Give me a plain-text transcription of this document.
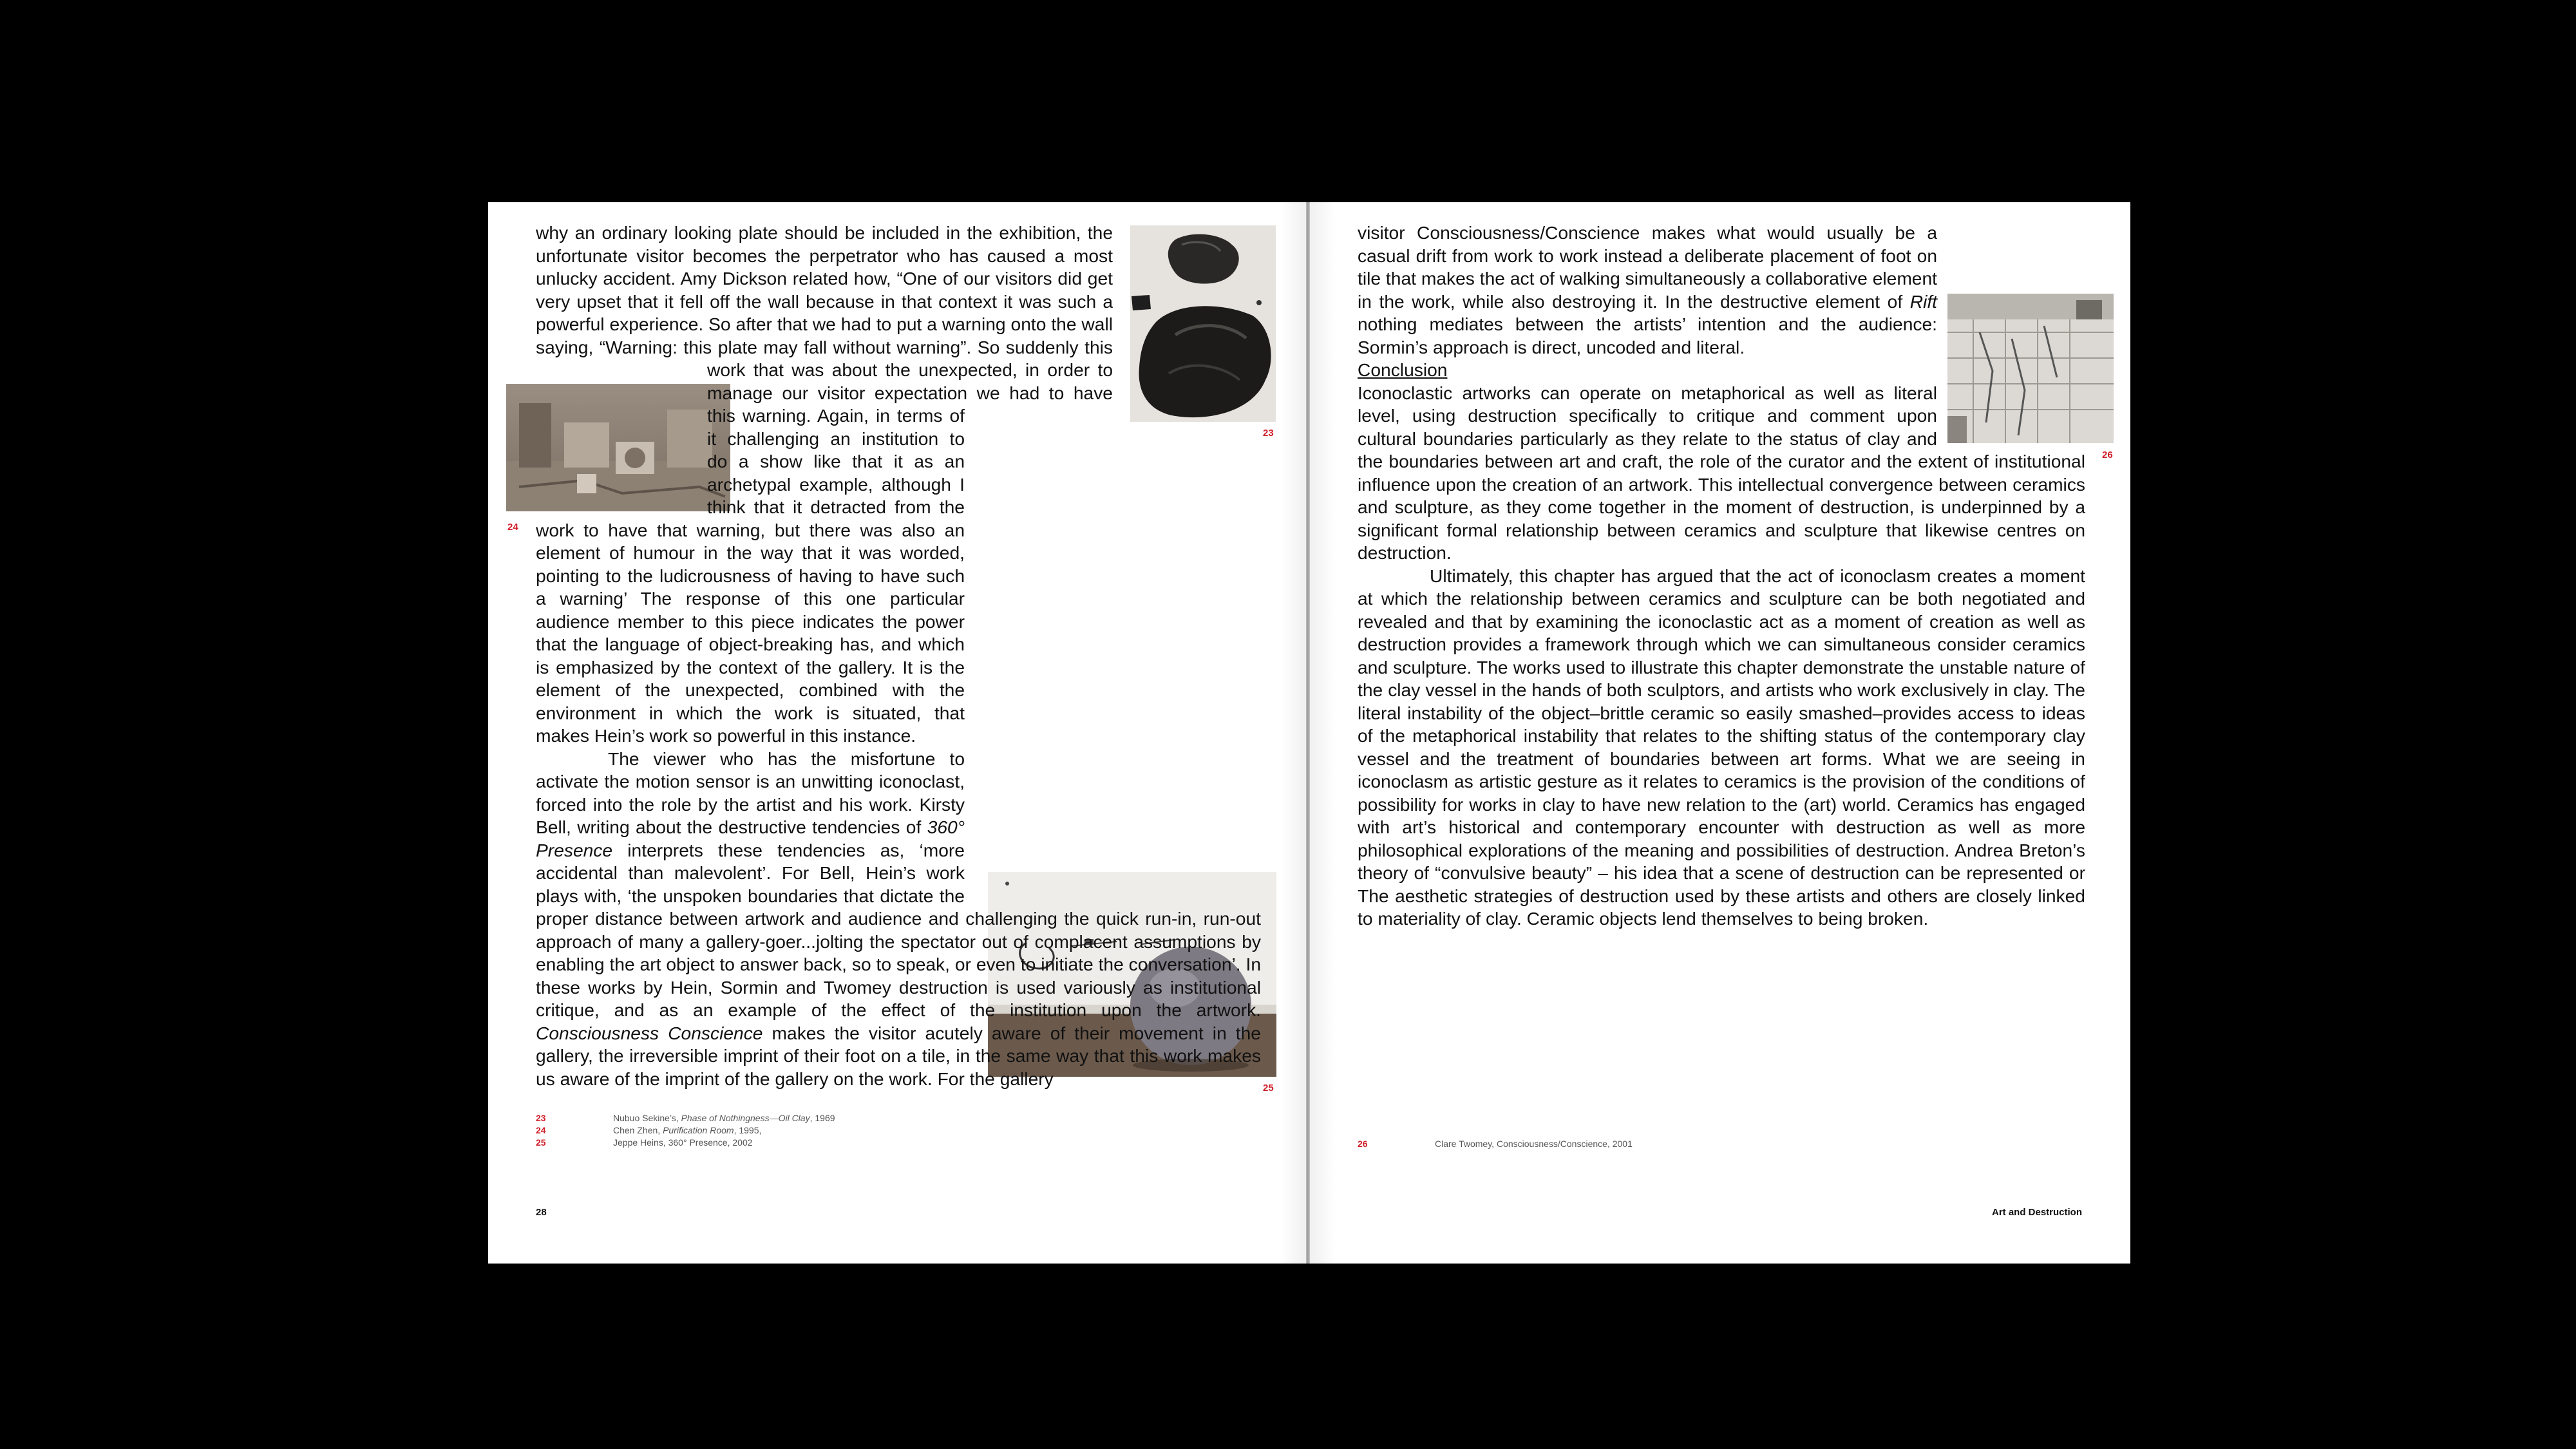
23
24
25

why an ordinary looking plate should be included in the exhibition, the unfortunate visitor becomes the perpetrator who has caused a most unlucky accident. Amy Dickson related how, “One of our visitors did get very upset that it fell off the wall because in that context it was such a powerful experience. So after that we had to put a warning onto the wall saying, “Warning: this plate may fall without warning”. So suddenly this work that was about the unexpected, in order to manage our visitor expectation we had to have this warning. Again, in terms of it challenging an institution to do a show like that it as an archetypal example, although I think that it detracted from the work to have that warning, but there was also an element of humour in the way that it was worded, pointing to the ludicrousness of having to have such a warning’ The response of this one particular audience member to this piece indicates the power that the language of object-breaking has, and which is emphasized by the context of the gallery. It is the element of the unexpected, combined with the environment in which the work is situated, that makes Hein’s work so powerful in this instance.

The viewer who has the misfortune to activate the motion sensor is an unwitting iconoclast, forced into the role by the artist and his work. Kirsty Bell, writing about the destructive tendencies of 360° Presence interprets these tendencies as, ‘more accidental than malevolent’. For Bell, Hein’s work plays with, ‘the unspoken boundaries that dictate the proper distance between artwork and audience and challenging the quick run-in, run-out approach of many a gallery-goer...jolting the spectator out of complacent assumptions by enabling the art object to answer back, so to speak, or even to initiate the conversation’. In these works by Hein, Sormin and Twomey destruction is used variously as institutional critique, and as an example of the effect of the institution upon the artwork. Consciousness Conscience makes the visitor acutely aware of their movement in the gallery, the irreversible imprint of their foot on a tile, in the same way that this work makes us aware of the imprint of the gallery on the work. For the gallery

23	Nubuo Sekine’s, Phase of Nothingness—Oil Clay, 1969
24	Chen Zhen, Purification Room, 1995,
25	Jeppe Heins, 360° Presence, 2002
28
26

visitor Consciousness/Conscience makes what would usually be a casual drift from work to work instead a deliberate placement of foot on tile that makes the act of walking simultaneously a collaborative element in the work, while also destroying it. In the destructive element of Rift nothing mediates between the artists’ intention and the audience: Sormin’s approach is direct, uncoded and literal.

Conclusion

Iconoclastic artworks can operate on metaphorical as well as literal level, using destruction specifically to critique and comment upon cultural boundaries particularly as they relate to the status of clay and the boundaries between art and craft, the role of the curator and the extent of institutional influence upon the creation of an artwork. This intellectual convergence between ceramics and sculpture, as they come together in the moment of destruction, is underpinned by a significant formal relationship between ceramics and sculpture that likewise centres on destruction.

Ultimately, this chapter has argued that the act of iconoclasm creates a moment at which the relationship between ceramics and sculpture can be both negotiated and revealed and that by examining the iconoclastic act as a moment of creation as well as destruction provides a framework through which we can simultaneous consider ceramics and sculpture. The works used to illustrate this chapter demonstrate the unstable nature of the clay vessel in the hands of both sculptors, and artists who work exclusively in clay. The literal instability of the object–brittle ceramic so easily smashed–provides access to ideas of the metaphorical instability that relates to the shifting status of the contemporary clay vessel and the treatment of boundaries between art forms. What we are seeing in iconoclasm as artistic gesture as it relates to ceramics is the provision of the conditions of possibility for works in clay to have new relation to the (art) world. Ceramics has engaged with art’s historical and contemporary encounter with destruction as well as more philosophical explorations of the meaning and possibilities of destruction. Andrea Breton’s theory of “convulsive beauty” – his idea that a scene of destruction can be represented or The aesthetic strategies of destruction used by these artists and others are closely linked to materiality of clay. Ceramic objects lend themselves to being broken.

26	Clare Twomey, Consciousness/Conscience, 2001
Art and Destruction
